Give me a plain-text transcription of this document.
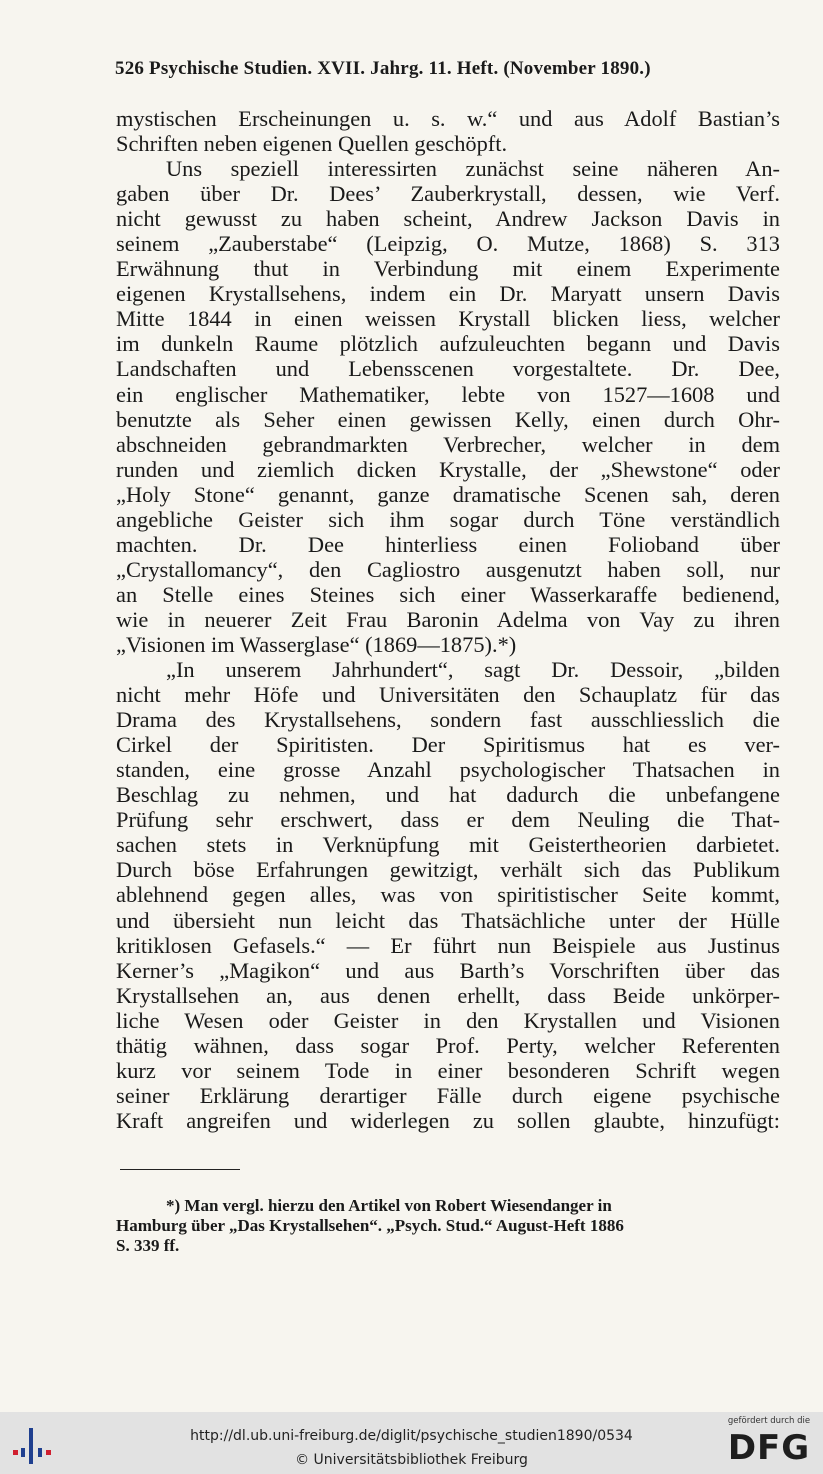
526 Psychische Studien. XVII. Jahrg. 11. Heft. (November 1890.)

mystischen Erscheinungen u. s. w.“ und aus Adolf Bastian’s

Schriften neben eigenen Quellen geschöpft.

Uns speziell interessirten zunächst seine näheren An-

gaben über Dr. Dees’ Zauberkrystall, dessen, wie Verf.

nicht gewusst zu haben scheint, Andrew Jackson Davis in

seinem „Zauberstabe“ (Leipzig, O. Mutze, 1868) S. 313

Erwähnung thut in Verbindung mit einem Experimente

eigenen Krystallsehens, indem ein Dr. Maryatt unsern Davis

Mitte 1844 in einen weissen Krystall blicken liess, welcher

im dunkeln Raume plötzlich aufzuleuchten begann und Davis

Landschaften und Lebensscenen vorgestaltete. Dr. Dee,

ein englischer Mathematiker, lebte von 1527—1608 und

benutzte als Seher einen gewissen Kelly, einen durch Ohr-

abschneiden gebrandmarkten Verbrecher, welcher in dem

runden und ziemlich dicken Krystalle, der „Shewstone“ oder

„Holy Stone“ genannt, ganze dramatische Scenen sah, deren

angebliche Geister sich ihm sogar durch Töne verständlich

machten. Dr. Dee hinterliess einen Folioband über

„Crystallomancy“, den Cagliostro ausgenutzt haben soll, nur

an Stelle eines Steines sich einer Wasserkaraffe bedienend,

wie in neuerer Zeit Frau Baronin Adelma von Vay zu ihren

„Visionen im Wasserglase“ (1869—1875).*)

„In unserem Jahrhundert“, sagt Dr. Dessoir, „bilden

nicht mehr Höfe und Universitäten den Schauplatz für das

Drama des Krystallsehens, sondern fast ausschliesslich die

Cirkel der Spiritisten. Der Spiritismus hat es ver-

standen, eine grosse Anzahl psychologischer Thatsachen in

Beschlag zu nehmen, und hat dadurch die unbefangene

Prüfung sehr erschwert, dass er dem Neuling die That-

sachen stets in Verknüpfung mit Geistertheorien darbietet.

Durch böse Erfahrungen gewitzigt, verhält sich das Publikum

ablehnend gegen alles, was von spiritistischer Seite kommt,

und übersieht nun leicht das Thatsächliche unter der Hülle

kritiklosen Gefasels.“ — Er führt nun Beispiele aus Justinus

Kerner’s „Magikon“ und aus Barth’s Vorschriften über das

Krystallsehen an, aus denen erhellt, dass Beide unkörper-

liche Wesen oder Geister in den Krystallen und Visionen

thätig wähnen, dass sogar Prof. Perty, welcher Referenten

kurz vor seinem Tode in einer besonderen Schrift wegen

seiner Erklärung derartiger Fälle durch eigene psychische

Kraft angreifen und widerlegen zu sollen glaubte, hinzufügt:

*) Man vergl. hierzu den Artikel von Robert Wiesendanger in

Hamburg über „Das Krystallsehen“. „Psych. Stud.“ August-Heft 1886

S. 339 ff.

http://dl.ub.uni-freiburg.de/diglit/psychische_studien1890/0534
© Universitätsbibliothek Freiburg
gefördert durch die
DFG
